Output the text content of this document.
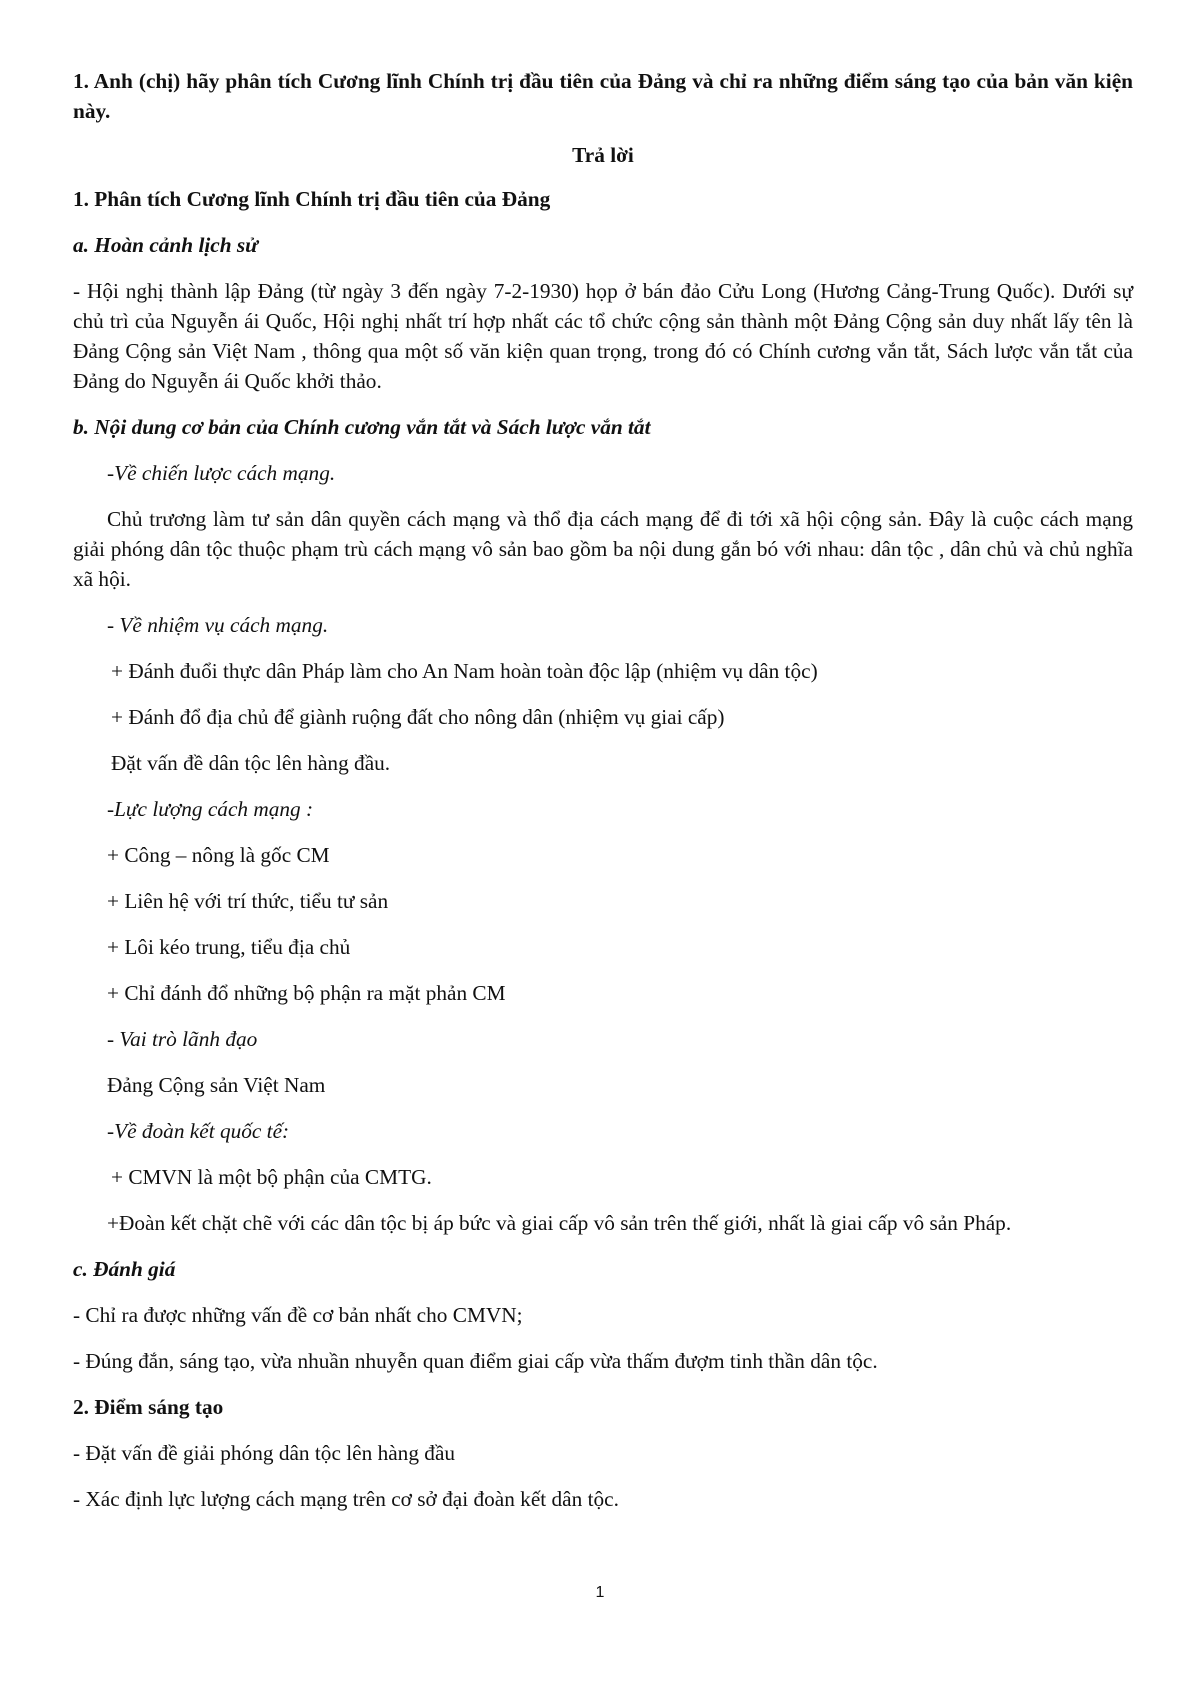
1. Anh (chị) hãy phân tích Cương lĩnh Chính trị đầu tiên của Đảng và chỉ ra những điểm sáng tạo của bản văn kiện này.

Trả lời

1. Phân tích Cương lĩnh Chính trị đầu tiên của Đảng

a. Hoàn cảnh lịch sử

- Hội nghị thành lập Đảng (từ ngày 3 đến ngày 7-2-1930) họp ở bán đảo Cửu Long (Hương Cảng-Trung Quốc). Dưới sự chủ trì của Nguyễn ái Quốc, Hội nghị nhất trí hợp nhất các tổ chức cộng sản thành một Đảng Cộng sản duy nhất lấy tên là Đảng Cộng sản Việt Nam , thông qua một số văn kiện quan trọng, trong đó có Chính cương vắn tắt, Sách lược vắn tắt của Đảng do Nguyễn ái Quốc khởi thảo.

b. Nội dung cơ bản của Chính cương vắn tắt và Sách lược vắn tắt

-Về chiến lược cách mạng.

Chủ trương làm tư sản dân quyền cách mạng và thổ địa cách mạng để đi tới xã hội cộng sản. Đây là cuộc cách mạng giải phóng dân tộc thuộc phạm trù cách mạng vô sản bao gồm ba nội dung gắn bó với nhau: dân tộc , dân chủ và chủ nghĩa xã hội.

- Về nhiệm vụ cách mạng.

+ Đánh đuổi thực dân Pháp làm cho An Nam hoàn toàn độc lập (nhiệm vụ dân tộc)

+ Đánh đổ địa chủ để giành ruộng đất cho nông dân (nhiệm vụ giai cấp)

Đặt vấn đề dân tộc lên hàng đầu.

-Lực lượng cách mạng :

+ Công – nông là gốc CM

+ Liên hệ với trí thức, tiểu tư sản

+ Lôi kéo trung, tiểu địa chủ

+ Chỉ đánh đổ những bộ phận ra mặt phản CM

- Vai trò lãnh đạo

Đảng Cộng sản Việt Nam

-Về đoàn kết quốc tế:

+ CMVN là một bộ phận của CMTG.

+Đoàn kết chặt chẽ với các dân tộc bị áp bức và giai cấp vô sản trên thế giới, nhất là giai cấp vô sản Pháp.

c. Đánh giá

- Chỉ ra được những vấn đề cơ bản nhất cho CMVN;

- Đúng đắn, sáng tạo, vừa nhuần nhuyễn quan điểm giai cấp vừa thấm đượm tinh thần dân tộc.

2. Điểm sáng tạo

- Đặt vấn đề giải phóng dân tộc lên hàng đầu

- Xác định lực lượng cách mạng trên cơ sở đại đoàn kết dân tộc.

1
